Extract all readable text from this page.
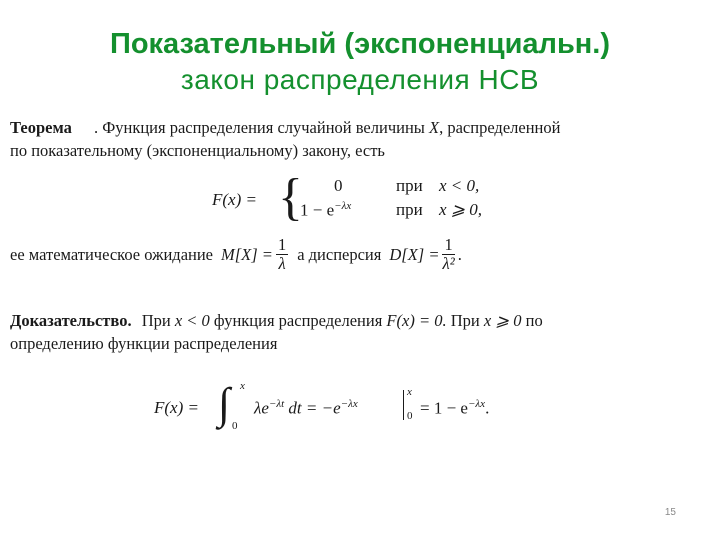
Показательный (экспоненциальн.)
закон распределения НСВ
Теорема . Функция распределения случайной величины X, распределенной
по показательному (экспоненциальному) закону, есть
F(x) = { 0
$1 - e^{-\lambda x}$
при x < 0,
при x ⩾ 0,
ее математическое ожидание $M[X] = \frac{1}{\lambda}$ а дисперсия $D[X] = \frac{1}{\text{λ²}}$ .
Доказательство. При x < 0 функция распределения F(x) = 0. При x ⩾ 0 по
определению функции распределения
F(x) = ∫ x
0
$\lambda e^{-\lambda t}$ dt = $-e^{-\lambda x}$
x
$0 = 1 - e^{-\lambda x}$.
15
